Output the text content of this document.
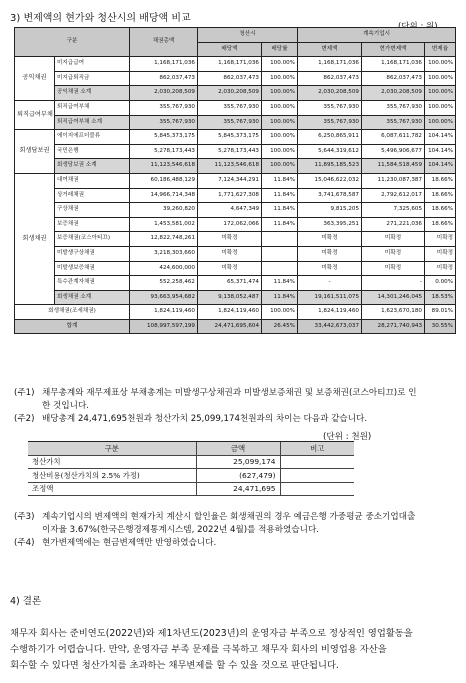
3) 변제액의 현가와 청산시의 배당액 비교
구분		채권총액	청산시		계속기업시		
			배당액	배당률	변제액	현가변제액	변제율
공익채권	미지급급여	1,168,171,036	1,168,171,036	100.00%	1,168,171,036	1,168,171,036	100.00%
	미지급퇴직금	862,037,473	862,037,473	100.00%	862,037,473	862,037,473	100.00%
	공익채권 소계	2,030,208,509	2,030,208,509	100.00%	2,030,208,509	2,030,208,509	100.00%
퇴직급여부채	퇴직급여부채	355,767,930	355,767,930	100.00%	355,767,930	355,767,930	100.00%
	퇴직급여부채 소계	355,767,930	355,767,930	100.00%	355,767,930	355,767,930	100.00%
회생담보권	에이지에프더블류	5,845,373,175	5,845,373,175	100.00%	6,250,865,911	6,087,611,782	104.14%
	국민은행	5,278,173,443	5,278,173,443	100.00%	5,644,319,612	5,496,906,677	104.14%
	회생담보권 소계	11,123,546,618	11,123,546,618	100.00%	11,895,185,523	11,584,518,459	104.14%
회생채권	대여채권	60,186,488,129	7,124,344,291	11.84%	15,046,622,032	11,230,087,387	18.66%
	상거래채권	14,966,714,348	1,771,627,308	11.84%	3,741,678,587	2,792,612,017	18.66%
	구상채권	39,260,820	4,647,349	11.84%	9,815,205	7,325,605	18.66%
	보증채권	1,453,581,002	172,062,066	11.84%	363,395,251	271,221,036	18.66%
	보증채권(코스아티끄)	12,822,748,261	미확정		미확정	미확정	미확정
	미발생구상채권	3,218,303,660	미확정		미확정	미확정	미확정
	미발생보증채권	424,600,000	미확정		미확정	미확정	미확정
	특수관계자채권	552,258,462	65,371,474	11.84%	-	-	0.00%
	회생채권 소계	93,663,954,682	9,138,052,487	11.84%	19,161,511,075	14,301,246,045	18.53%
회생채권(조세채권)		1,824,119,460	1,824,119,460	100.00%	1,824,119,460	1,623,670,180	89.01%
합계		108,997,597,199	24,471,695,604	26.45%	33,442,673,037	28,271,740,943	30.55%
(주1) 채무총계와 재무제표상 부채총계는 미발생구상채권과 미발생보증채권 및 보증채권(코스아티끄)로 인
한 것입니다.
(주2) 배당총계 24,471,695천원과 청산가치 25,099,174천원과의 차이는 다음과 같습니다.
(단위 : 천원)
구분	금액	비고
청산가치	25,099,174	
청산비용(청산가치의 2.5% 가정)	(627,479)	
조정액	24,471,695	
(주3) 계속기업시의 변제액의 현재가치 계산시 할인율은 회생채권의 경우 예금은행 가중평균 중소기업대출
이자율 3.67%(한국은행경제통계시스템, 2022년 4월)를 적용하였습니다.
(주4) 현가변제액에는 현금변제액만 반영하였습니다.
4) 결론
채무자 회사는 준비연도(2022년)와 제1차년도(2023년)의 운영자금 부족으로 정상적인 영업활동을
수행하기가 어렵습니다. 만약, 운영자금 부족 문제를 극복하고 채무자 회사의 비영업용 자산을
회수할 수 있다면 청산가치를 초과하는 채무변제를 할 수 있을 것으로 판단됩니다.
